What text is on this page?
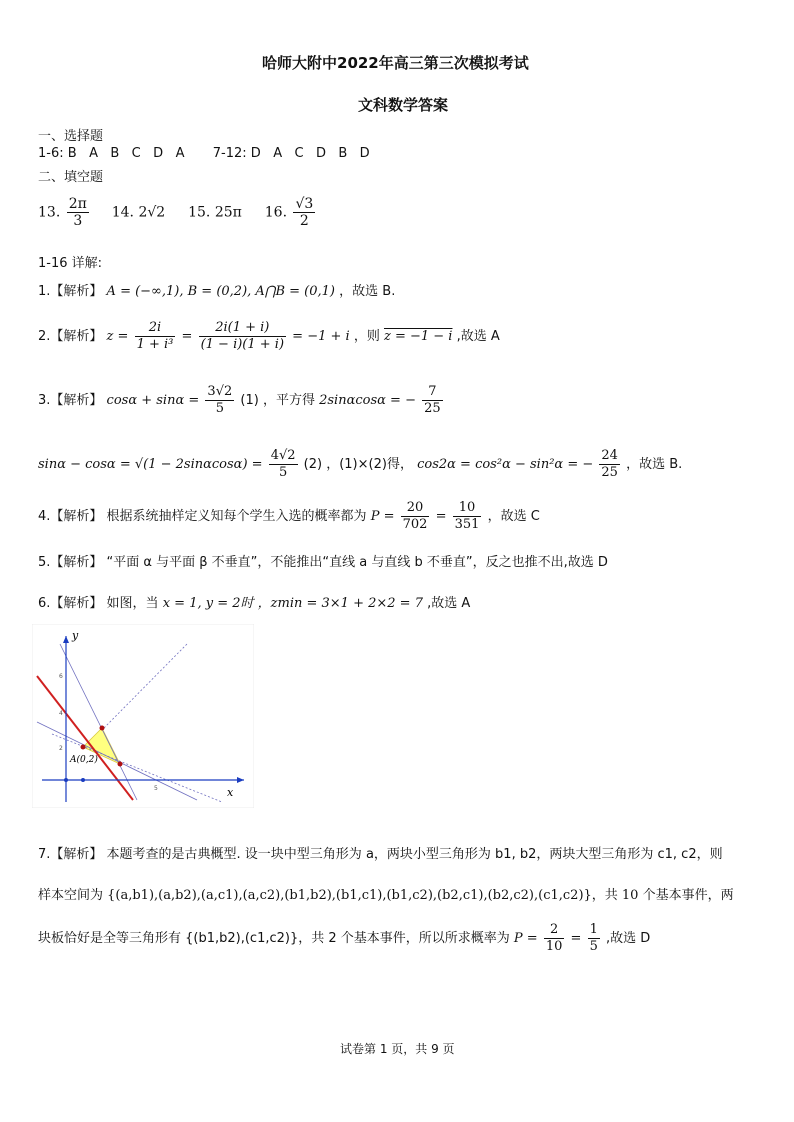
哈师大附中2022年高三第三次模拟考试
文科数学答案
一、选择题
1-6: B   A   B   C   D   A 7-12: D   A   C   D   B   D
二、填空题
13. $\frac{2\pi}{3} 14$. 2√2 15. 25π 16. $\frac{√3}{2}$
1-16 详解:
1.【解析】 A = (−∞,1), B = (0,2), A⋂B = (0,1) ，故选 B.
2.【解析】 $z = \frac{2i}{\text{1 + i³}} = \frac{2i(1 + i)}{(1 - i)(1 + i)} = -1 + i$ ，则 z = −1 − i ,故选 A
3.【解析】 $\cos\alpha + \sin\alpha = \frac{3√2}{5} (1)$ ，平方得 2sinαcosα = − $\frac{7}{25}$
$\sin\alpha - \cos\alpha = √(1 - 2\sin\alpha\cos\alpha) = \frac{4√2}{5} (2)$ ，(1)×(2)得， cos2α = cos²α − sin²α = − $\frac{24}{25}$ ，故选 B.
4.【解析】 根据系统抽样定义知每个学生入选的概率都为 $P = \frac{20}{702} = \frac{10}{351}$ ，故选 C
5.【解析】 “平面 α 与平面 β 不垂直”，不能推出“直线 a 与直线 b 不垂直”，反之也推不出,故选 D
6.【解析】 如图，当 x = 1, y = 2时 ，zmin = 3×1 + 2×2 = 7 ,故选 A
y
x
6
4
2
5
A(0,2)
7.【解析】 本题考查的是古典概型. 设一块中型三角形为 a，两块小型三角形为 b1, b2，两块大型三角形为 c1, c2，则
样本空间为 {(a,b1),(a,b2),(a,c1),(a,c2),(b1,b2),(b1,c1),(b1,c2),(b2,c1),(b2,c2),(c1,c2)}，共 10 个基本事件，两
块板恰好是全等三角形有 {(b1,b2),(c1,c2)}，共 2 个基本事件，所以所求概率为 $P = \frac{2}{10} = \frac{1}{5}$ ,故选 D
试卷第 1 页，共 9 页
